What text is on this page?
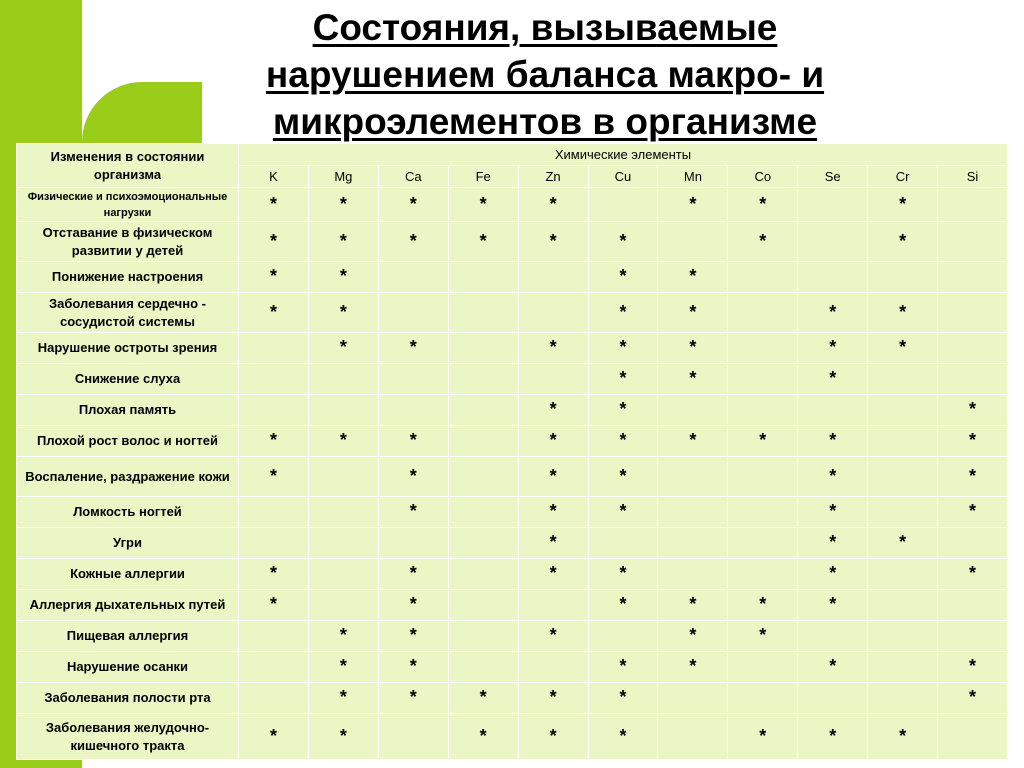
Состояния, вызываемые
нарушением баланса макро- и
микроэлементов в организме
Изменения в состоянии организма	Химические элементы										
	K	Mg	Ca	Fe	Zn	Cu	Mn	Co	Se	Cr	Si
Физические и психоэмоциональные нагрузки	*	*	*	*	*		*	*		*	
Отставание в физическом развитии у детей	*	*	*	*	*	*		*		*	
Понижение настроения	*	*				*	*				
Заболевания сердечно - сосудистой системы	*	*				*	*		*	*	
Нарушение остроты зрения		*	*		*	*	*		*	*	
Снижение слуха						*	*		*		
Плохая память					*	*					*
Плохой рост волос и ногтей	*	*	*		*	*	*	*	*		*
Воспаление, раздражение кожи	*		*		*	*			*		*
Ломкость ногтей			*		*	*			*		*
Угри					*				*	*	
Кожные аллергии	*		*		*	*			*		*
Аллергия дыхательных путей	*		*			*	*	*	*		
Пищевая аллергия		*	*		*		*	*			
Нарушение осанки		*	*			*	*		*		*
Заболевания полости рта		*	*	*	*	*					*
Заболевания желудочно-кишечного тракта	*	*		*	*	*		*	*	*	
